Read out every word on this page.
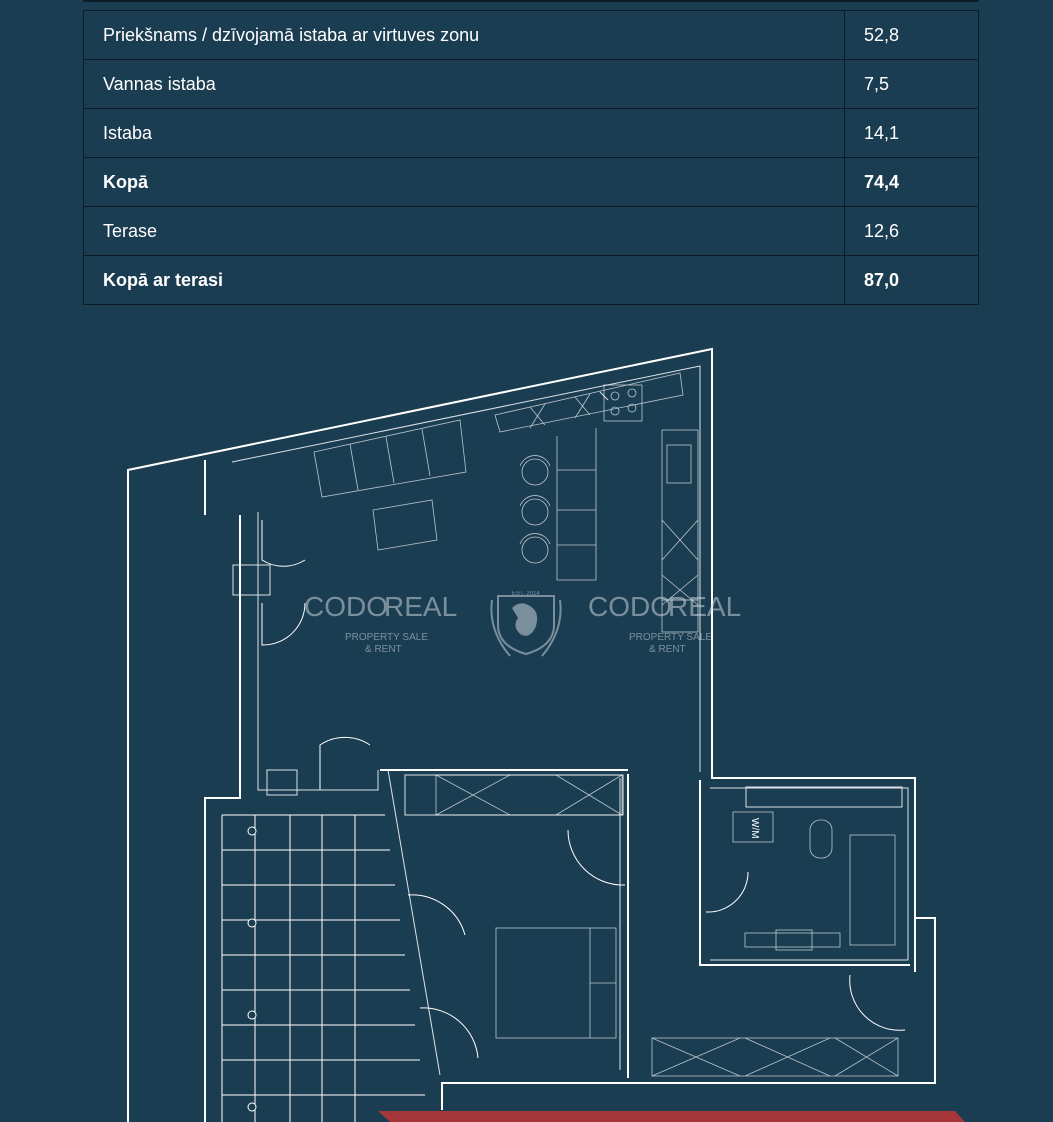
Priekšnams / dzīvojamā istaba ar virtuves zonu	52,8
Vannas istaba	7,5
Istaba	14,1
Kopā	74,4
Terase	12,6
Kopā ar terasi	87,0
W/M
CODO
REAL
PROPERTY SALE
& RENT
CODO
REAL
PROPERTY SALE
& RENT
EST. 2014
